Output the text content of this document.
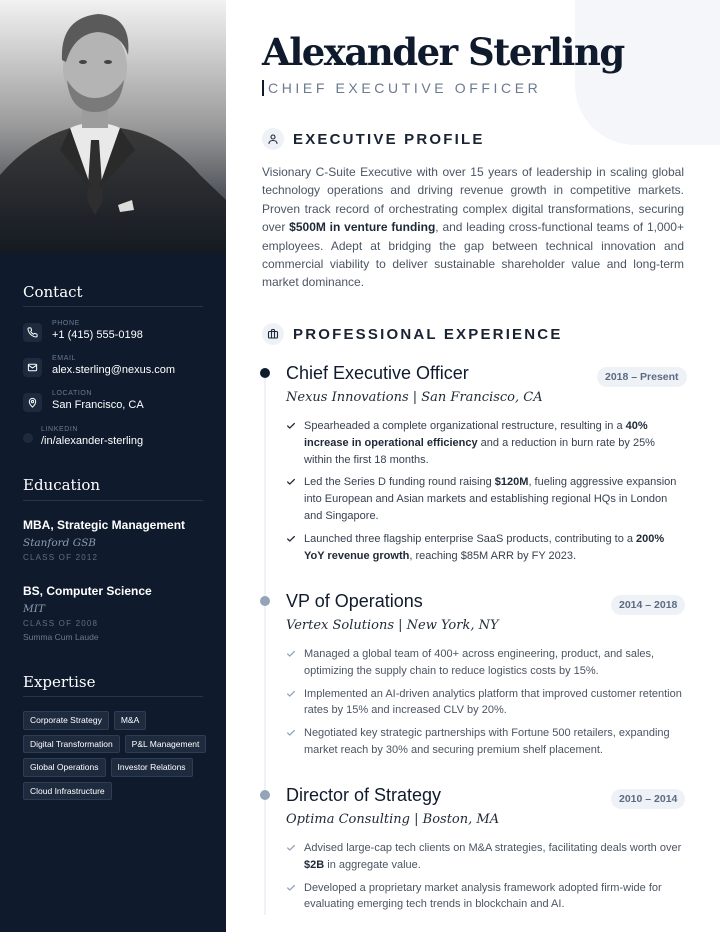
Contact
PHONE
+1 (415) 555-0198
EMAIL
alex.sterling@nexus.com
LOCATION
San Francisco, CA
LINKEDIN
/in/alexander-sterling
Education
MBA, Strategic Management
Stanford GSB
CLASS OF 2012
BS, Computer Science
MIT
CLASS OF 2008
Summa Cum Laude
Expertise
Corporate Strategy	M&A
Digital Transformation	P&L Management
Global Operations	Investor Relations
Cloud Infrastructure
Alexander Sterling
CHIEF EXECUTIVE OFFICER
EXECUTIVE PROFILE

Visionary C-Suite Executive with over 15 years of leadership in scaling global technology operations and driving revenue growth in competitive markets. Proven track record of orchestrating complex digital transformations, securing over $500M in venture funding, and leading cross-functional teams of 1,000+ employees. Adept at bridging the gap between technical innovation and commercial viability to deliver sustainable shareholder value and long-term market dominance.

PROFESSIONAL EXPERIENCE
Chief Executive Officer	2018 – Present
Nexus Innovations | San Francisco, CA
Spearheaded a complete organizational restructure, resulting in a 40% increase in operational efficiency and a reduction in burn rate by 25% within the first 18 months.
Led the Series D funding round raising $120M, fueling aggressive expansion into European and Asian markets and establishing regional HQs in London and Singapore.
Launched three flagship enterprise SaaS products, contributing to a 200% YoY revenue growth, reaching $85M ARR by FY 2023.
VP of Operations	2014 – 2018
Vertex Solutions | New York, NY
Managed a global team of 400+ across engineering, product, and sales, optimizing the supply chain to reduce logistics costs by 15%.
Implemented an AI-driven analytics platform that improved customer retention rates by 15% and increased CLV by 20%.
Negotiated key strategic partnerships with Fortune 500 retailers, expanding market reach by 30% and securing premium shelf placement.
Director of Strategy	2010 – 2014
Optima Consulting | Boston, MA
Advised large-cap tech clients on M&A strategies, facilitating deals worth over $2B in aggregate value.
Developed a proprietary market analysis framework adopted firm-wide for evaluating emerging tech trends in blockchain and AI.
